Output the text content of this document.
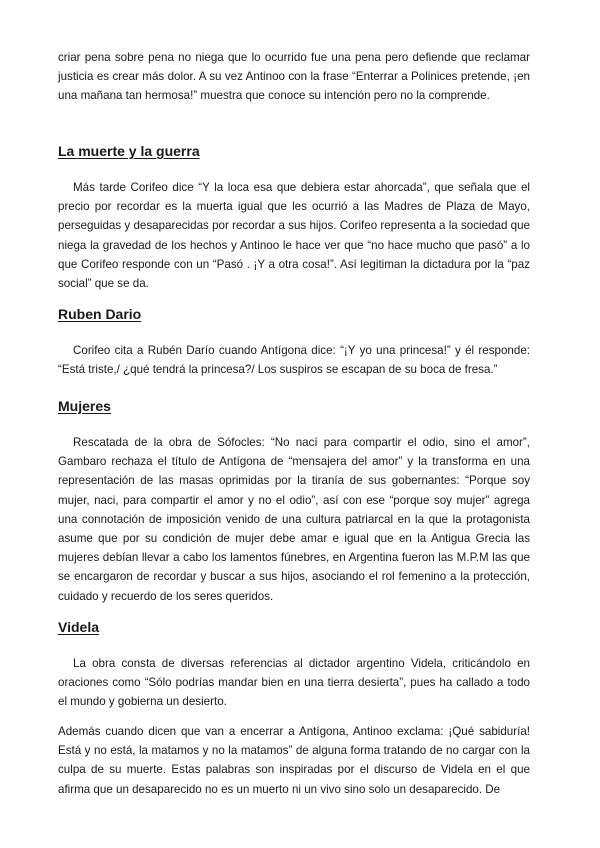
criar pena sobre pena no niega que lo ocurrido fue una pena pero defiende que reclamar justicia es crear más dolor. A su vez Antinoo con la frase “Enterrar a Polinices pretende, ¡en una mañana tan hermosa!” muestra que conoce su intención pero no la comprende.

La muerte y la guerra

Más tarde Corifeo dice “Y la loca esa que debiera estar ahorcada”, que señala que el precio por recordar es la muerta igual que les ocurrió a las Madres de Plaza de Mayo, perseguidas y desaparecidas por recordar a sus hijos. Corifeo representa a la sociedad que niega la gravedad de los hechos y Antinoo le hace ver que “no hace mucho que pasó” a lo que Corifeo responde con un “Pasó . ¡Y a otra cosa!”. Así legitiman la dictadura por la “paz social” que se da.

Ruben Dario

Corifeo cita a Rubén Darío cuando Antígona dice: “¡Y yo una princesa!” y él responde: “Está triste,/ ¿qué tendrá la princesa?/ Los suspiros se escapan de su boca de fresa.”

Mujeres

Rescatada de la obra de Sófocles: “No nací para compartir el odio, sino el amor”, Gambaro rechaza el título de Antígona de “mensajera del amor” y la transforma en una representación de las masas oprimidas por la tiranía de sus gobernantes: “Porque soy mujer, naci, para compartir el amor y no el odio”, así con ese “porque soy mujer” agrega una connotación de imposición venido de una cultura patriarcal en la que la protagonista asume que por su condición de mujer debe amar e igual que en la Antigua Grecia las mujeres debían llevar a cabo los lamentos fúnebres, en Argentina fueron las M.P.M las que se encargaron de recordar y buscar a sus hijos, asociando el rol femenino a la protección, cuidado y recuerdo de los seres queridos.

Videla

La obra consta de diversas referencias al dictador argentino Videla, criticándolo en oraciones como “Sólo podrías mandar bien en una tierra desierta”, pues ha callado a todo el mundo y gobierna un desierto.

Además cuando dicen que van a encerrar a Antígona, Antinoo exclama: ¡Qué sabiduría! Está y no está, la matamos y no la matamos” de alguna forma tratando de no cargar con la culpa de su muerte. Estas palabras son inspiradas por el discurso de Videla en el que afirma que un desaparecido no es un muerto ni un vivo sino solo un desaparecido. De
